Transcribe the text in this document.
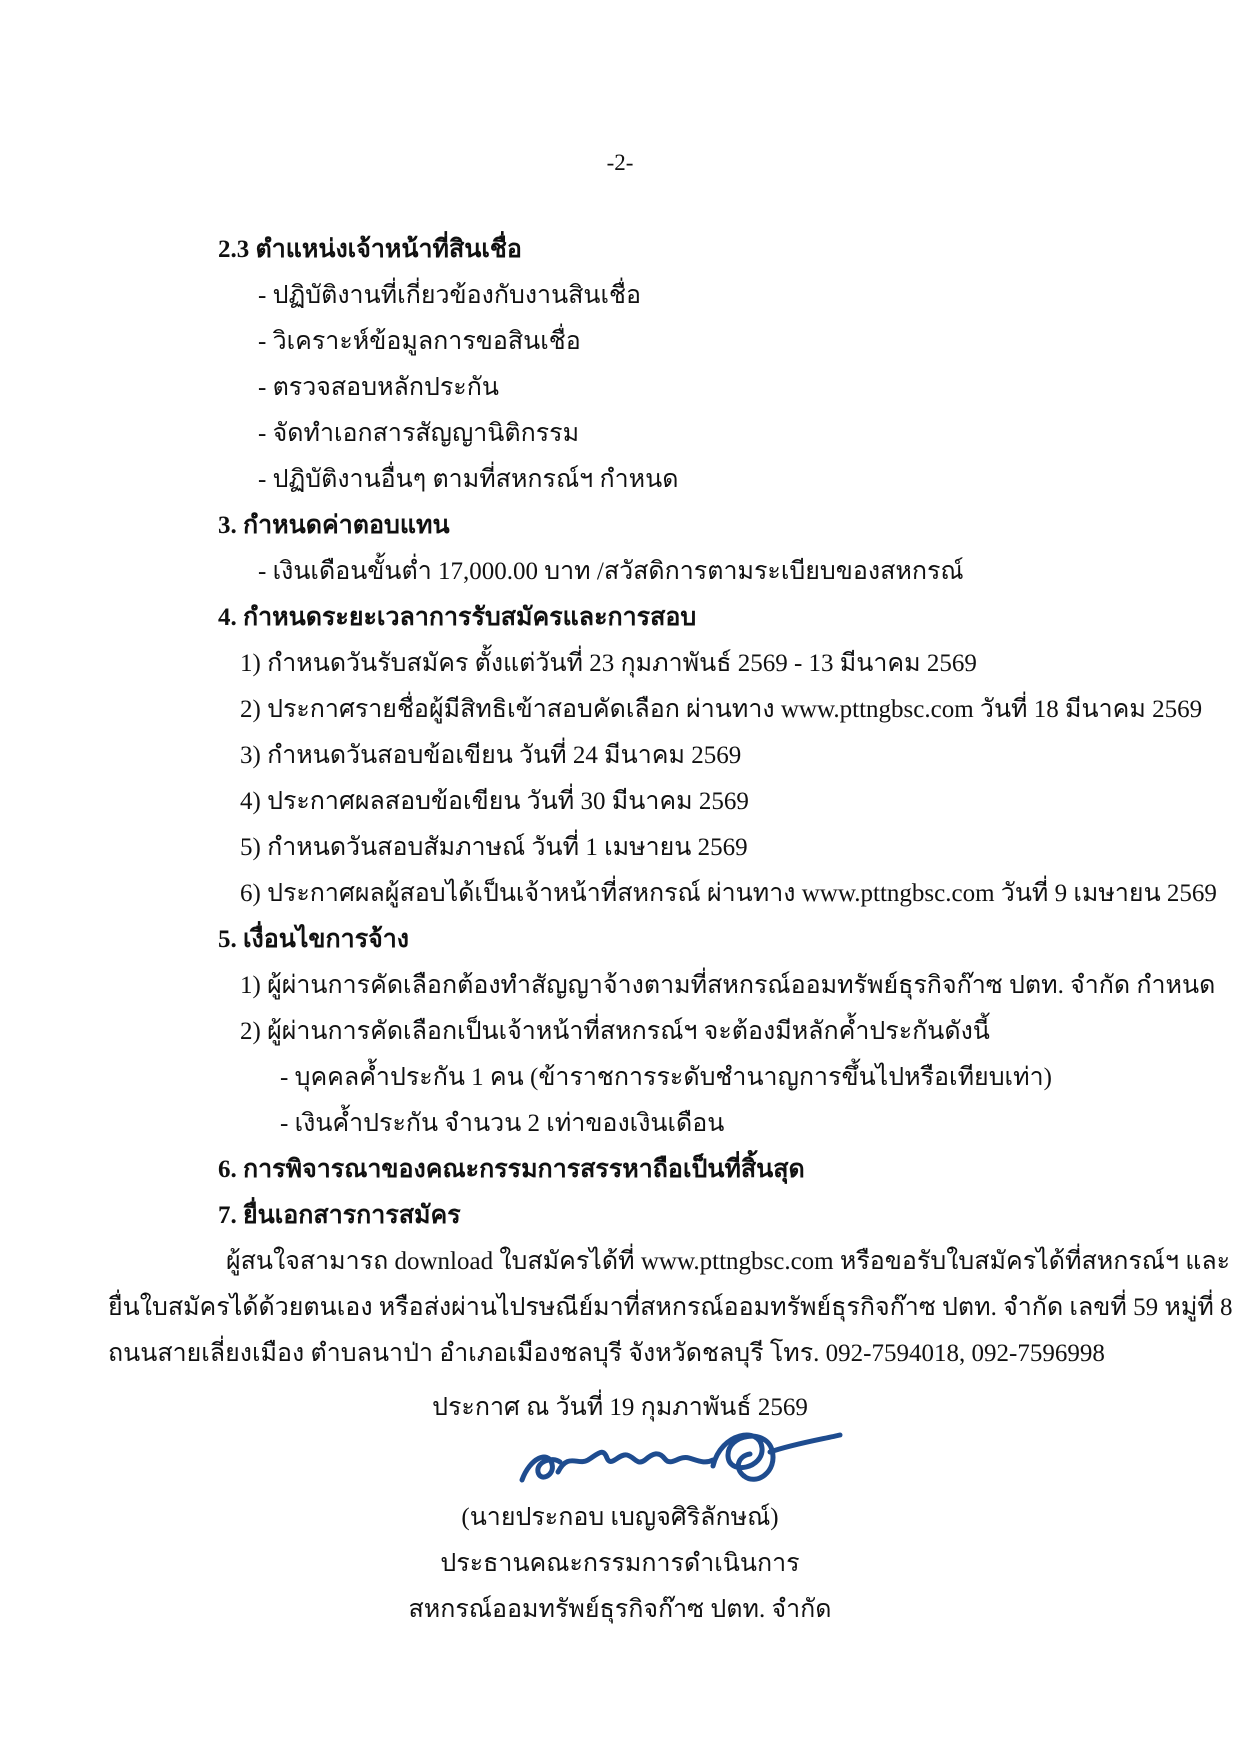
-2-
2.3 ตำแหน่งเจ้าหน้าที่สินเชื่อ
- ปฏิบัติงานที่เกี่ยวข้องกับงานสินเชื่อ
- วิเคราะห์ข้อมูลการขอสินเชื่อ
- ตรวจสอบหลักประกัน
- จัดทำเอกสารสัญญานิติกรรม
- ปฏิบัติงานอื่นๆ ตามที่สหกรณ์ฯ กำหนด
3. กำหนดค่าตอบแทน
- เงินเดือนขั้นต่ำ 17,000.00 บาท /สวัสดิการตามระเบียบของสหกรณ์
4. กำหนดระยะเวลาการรับสมัครและการสอบ
1) กำหนดวันรับสมัคร ตั้งแต่วันที่ 23 กุมภาพันธ์ 2569 - 13 มีนาคม 2569
2) ประกาศรายชื่อผู้มีสิทธิเข้าสอบคัดเลือก ผ่านทาง www.pttngbsc.com วันที่ 18 มีนาคม 2569
3) กำหนดวันสอบข้อเขียน วันที่ 24 มีนาคม 2569
4) ประกาศผลสอบข้อเขียน วันที่ 30 มีนาคม 2569
5) กำหนดวันสอบสัมภาษณ์ วันที่ 1 เมษายน 2569
6) ประกาศผลผู้สอบได้เป็นเจ้าหน้าที่สหกรณ์ ผ่านทาง www.pttngbsc.com วันที่ 9 เมษายน 2569
5. เงื่อนไขการจ้าง
1) ผู้ผ่านการคัดเลือกต้องทำสัญญาจ้างตามที่สหกรณ์ออมทรัพย์ธุรกิจก๊าซ ปตท. จำกัด กำหนด
2) ผู้ผ่านการคัดเลือกเป็นเจ้าหน้าที่สหกรณ์ฯ จะต้องมีหลักค้ำประกันดังนี้
- บุคคลค้ำประกัน 1 คน (ข้าราชการระดับชำนาญการขึ้นไปหรือเทียบเท่า)
- เงินค้ำประกัน จำนวน 2 เท่าของเงินเดือน
6. การพิจารณาของคณะกรรมการสรรหาถือเป็นที่สิ้นสุด
7. ยื่นเอกสารการสมัคร
ผู้สนใจสามารถ download ใบสมัครได้ที่ www.pttngbsc.com หรือขอรับใบสมัครได้ที่สหกรณ์ฯ และ
ยื่นใบสมัครได้ด้วยตนเอง หรือส่งผ่านไปรษณีย์มาที่สหกรณ์ออมทรัพย์ธุรกิจก๊าซ ปตท. จำกัด เลขที่ 59 หมู่ที่ 8
ถนนสายเลี่ยงเมือง ตำบลนาป่า อำเภอเมืองชลบุรี จังหวัดชลบุรี โทร. 092-7594018, 092-7596998
ประกาศ ณ วันที่ 19 กุมภาพันธ์ 2569
(นายประกอบ เบญจศิริลักษณ์)
ประธานคณะกรรมการดำเนินการ
สหกรณ์ออมทรัพย์ธุรกิจก๊าซ ปตท. จำกัด
